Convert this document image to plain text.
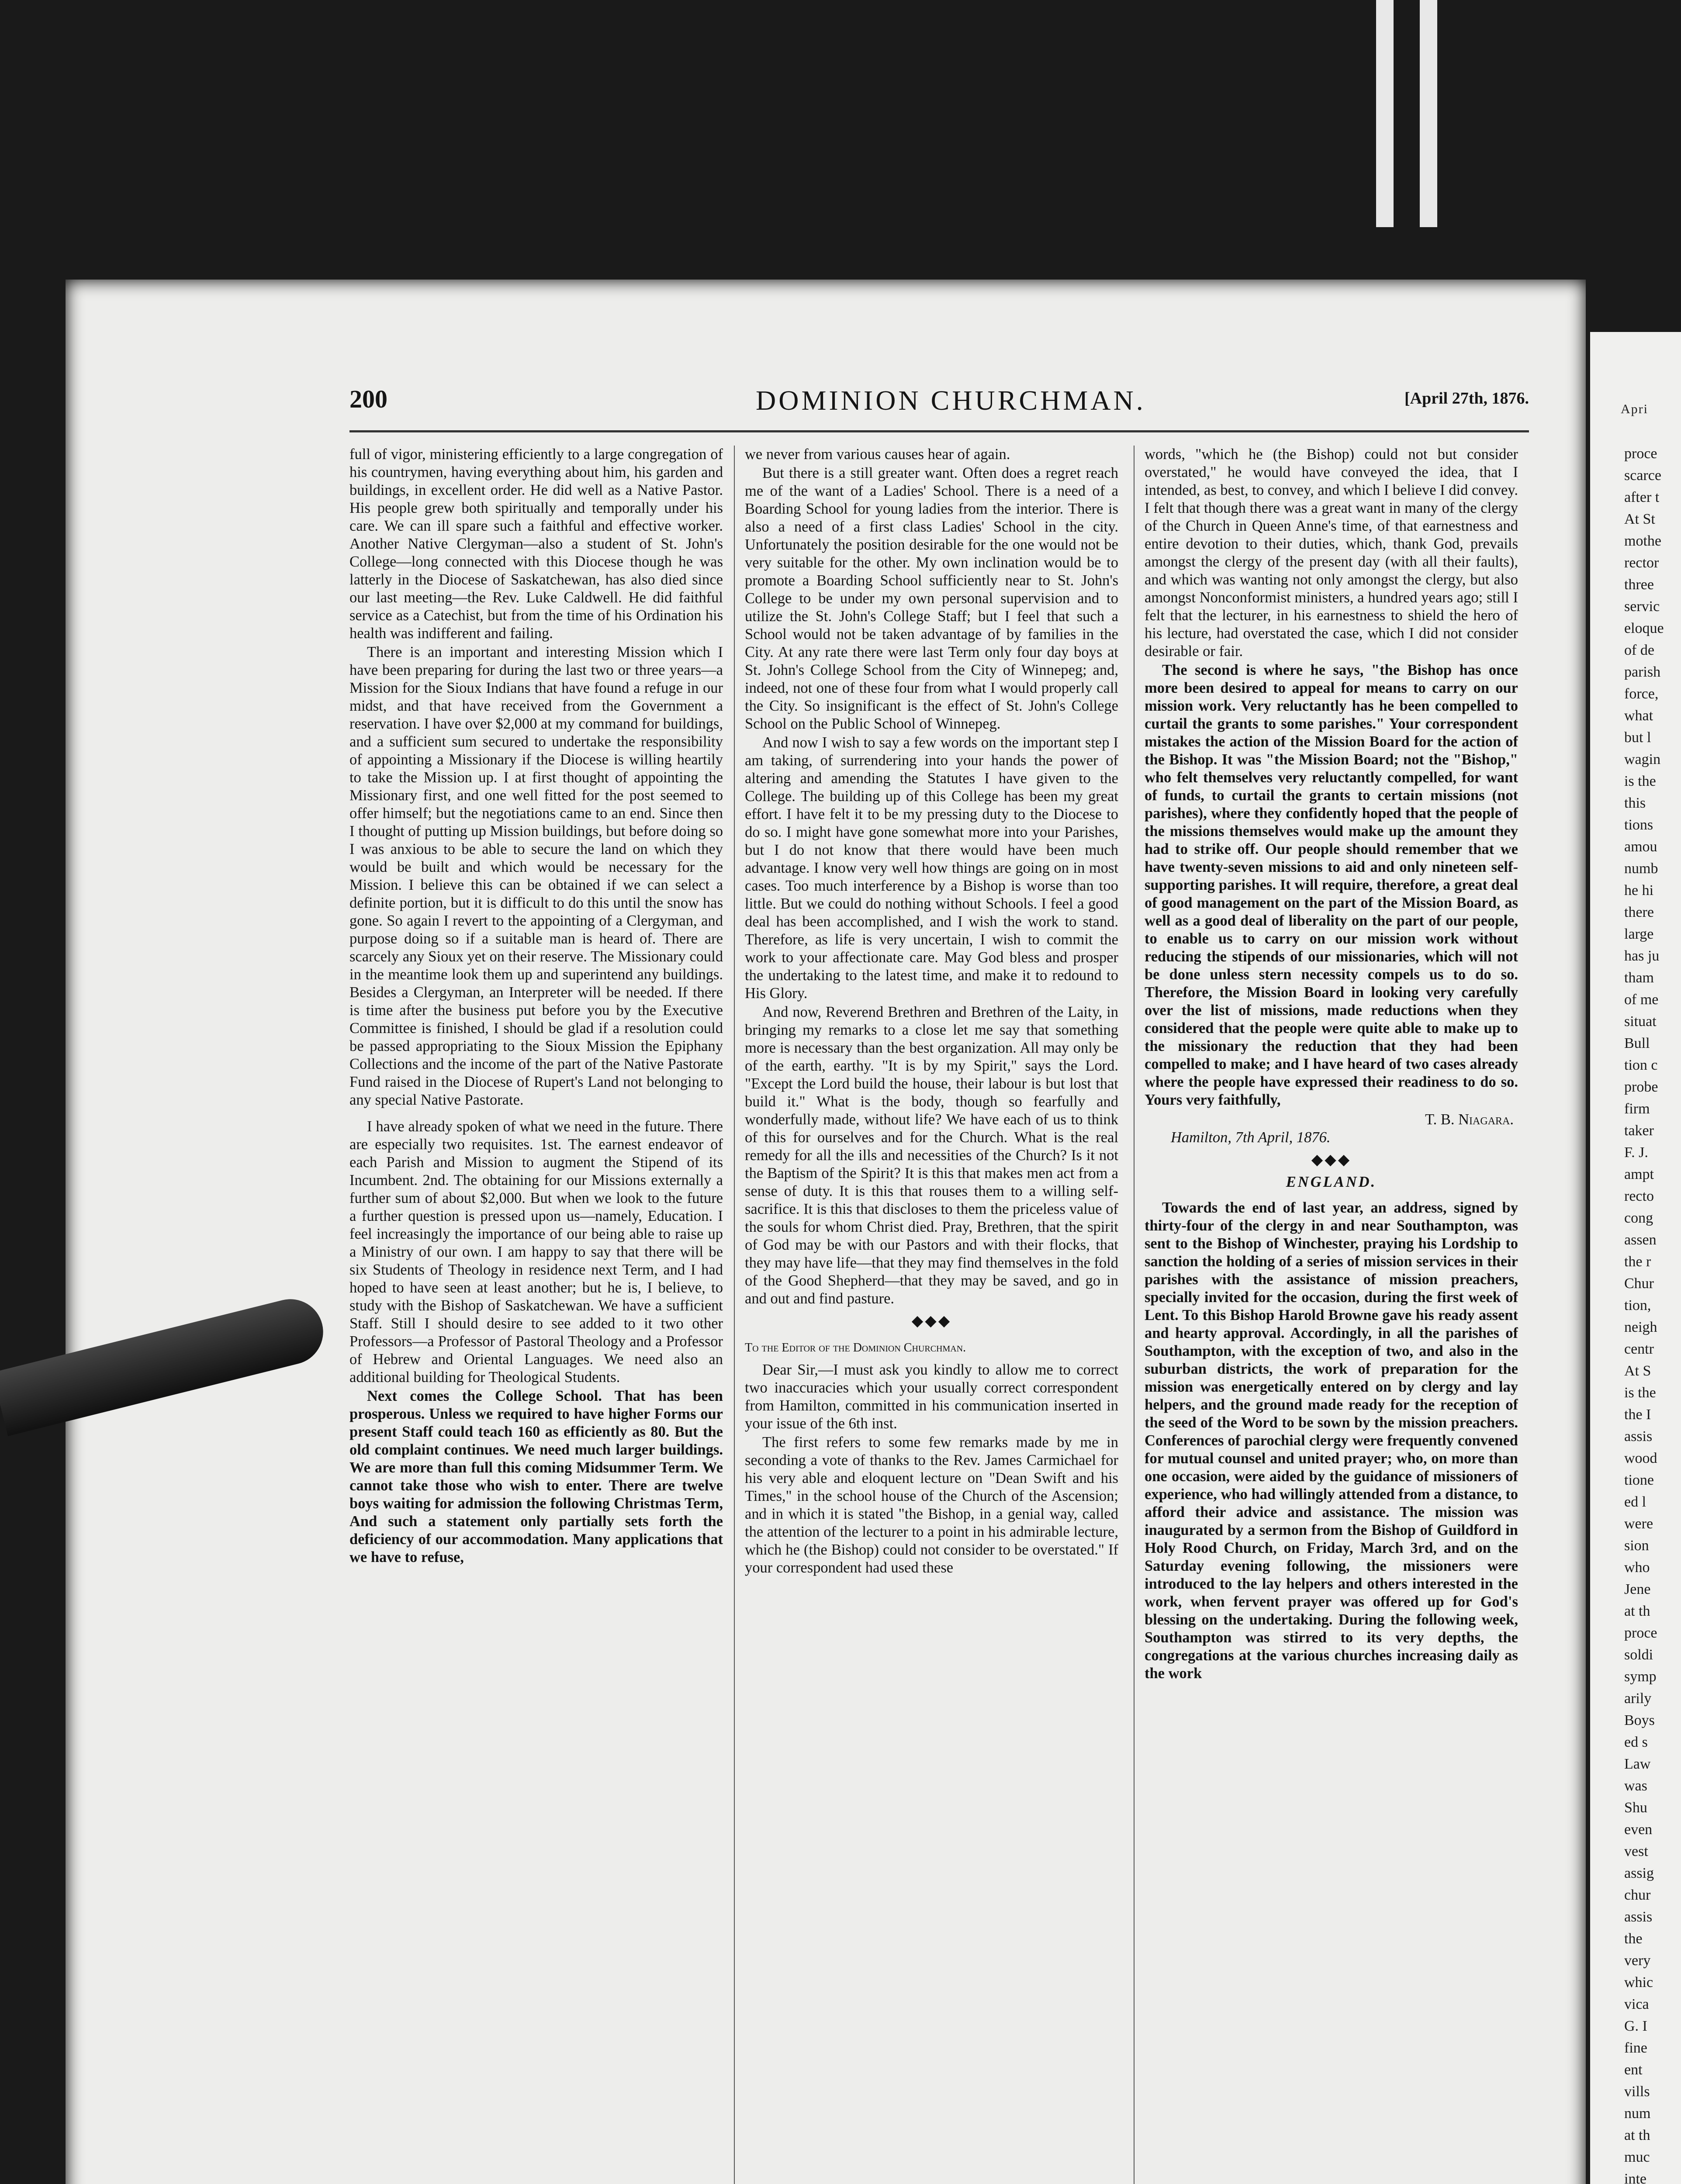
Apri
proce
scarce
after t
At St
mothe
rector
three
servic
eloque
of de
parish
force,
what
but l
wagin
is the
this
tions
amou
numb
he hi
there
large
has ju
tham
of me
situat
Bull
tion c
probe
firm
taker
F. J.
ampt
recto
cong
assen
the r
Chur
tion,
neigh
centr
At S
is the
the I
assis
wood
tione
ed l
were
sion
who
Jene
at th
proce
soldi
symp
arily
Boys
ed s
Law
was
Shu
even
vest
assig
chur
assis
the
very
whic
vica
G. I
fine
ent
vills
num
at th
muc
inte
200	DOMINION CHURCHMAN.	[April 27th, 1876.

full of vigor, ministering efficiently to a large congregation of his countrymen, having everything about him, his garden and buildings, in excellent order. He did well as a Native Pastor. His people grew both spiritually and temporally under his care. We can ill spare such a faithful and effective worker. Another Native Clergyman—also a student of St. John's College—long connected with this Diocese though he was latterly in the Diocese of Saskatchewan, has also died since our last meeting—the Rev. Luke Caldwell. He did faithful service as a Catechist, but from the time of his Ordination his health was indifferent and failing.

There is an important and interesting Mission which I have been preparing for during the last two or three years—a Mission for the Sioux Indians that have found a refuge in our midst, and that have received from the Government a reservation. I have over $2,000 at my command for buildings, and a sufficient sum secured to undertake the responsibility of appointing a Missionary if the Diocese is willing heartily to take the Mission up. I at first thought of appointing the Missionary first, and one well fitted for the post seemed to offer himself; but the negotiations came to an end. Since then I thought of putting up Mission buildings, but before doing so I was anxious to be able to secure the land on which they would be built and which would be necessary for the Mission. I believe this can be obtained if we can select a definite portion, but it is difficult to do this until the snow has gone. So again I revert to the appointing of a Clergyman, and purpose doing so if a suitable man is heard of. There are scarcely any Sioux yet on their reserve. The Missionary could in the meantime look them up and superintend any buildings. Besides a Clergyman, an Interpreter will be needed. If there is time after the business put before you by the Executive Committee is finished, I should be glad if a resolution could be passed appropriating to the Sioux Mission the Epiphany Collections and the income of the part of the Native Pastorate Fund raised in the Diocese of Rupert's Land not belonging to any special Native Pastorate.

I have already spoken of what we need in the future. There are especially two requisites. 1st. The earnest endeavor of each Parish and Mission to augment the Stipend of its Incumbent. 2nd. The obtaining for our Missions externally a further sum of about $2,000. But when we look to the future a further question is pressed upon us—namely, Education. I feel increasingly the importance of our being able to raise up a Ministry of our own. I am happy to say that there will be six Students of Theology in residence next Term, and I had hoped to have seen at least another; but he is, I believe, to study with the Bishop of Saskatchewan. We have a sufficient Staff. Still I should desire to see added to it two other Professors—a Professor of Pastoral Theology and a Professor of Hebrew and Oriental Languages. We need also an additional building for Theological Students.

Next comes the College School. That has been prosperous. Unless we required to have higher Forms our present Staff could teach 160 as efficiently as 80. But the old complaint continues. We need much larger buildings. We are more than full this coming Midsummer Term. We cannot take those who wish to enter. There are twelve boys waiting for admission the following Christmas Term, And such a statement only partially sets forth the deficiency of our accommodation. Many applications that we have to refuse,

we never from various causes hear of again.

But there is a still greater want. Often does a regret reach me of the want of a Ladies' School. There is a need of a Boarding School for young ladies from the interior. There is also a need of a first class Ladies' School in the city. Unfortunately the position desirable for the one would not be very suitable for the other. My own inclination would be to promote a Boarding School sufficiently near to St. John's College to be under my own personal supervision and to utilize the St. John's College Staff; but I feel that such a School would not be taken advantage of by families in the City. At any rate there were last Term only four day boys at St. John's College School from the City of Winnepeg; and, indeed, not one of these four from what I would properly call the City. So insignificant is the effect of St. John's College School on the Public School of Winnepeg.

And now I wish to say a few words on the important step I am taking, of surrendering into your hands the power of altering and amending the Statutes I have given to the College. The building up of this College has been my great effort. I have felt it to be my pressing duty to the Diocese to do so. I might have gone somewhat more into your Parishes, but I do not know that there would have been much advantage. I know very well how things are going on in most cases. Too much interference by a Bishop is worse than too little. But we could do nothing without Schools. I feel a good deal has been accomplished, and I wish the work to stand. Therefore, as life is very uncertain, I wish to commit the work to your affectionate care. May God bless and prosper the undertaking to the latest time, and make it to redound to His Glory.

And now, Reverend Brethren and Brethren of the Laity, in bringing my remarks to a close let me say that something more is necessary than the best organization. All may only be of the earth, earthy. "It is by my Spirit," says the Lord. "Except the Lord build the house, their labour is but lost that build it." What is the body, though so fearfully and wonderfully made, without life? We have each of us to think of this for ourselves and for the Church. What is the real remedy for all the ills and necessities of the Church? Is it not the Baptism of the Spirit? It is this that makes men act from a sense of duty. It is this that rouses them to a willing self-sacrifice. It is this that discloses to them the priceless value of the souls for whom Christ died. Pray, Brethren, that the spirit of God may be with our Pastors and with their flocks, that they may have life—that they may find themselves in the fold of the Good Shepherd—that they may be saved, and go in and out and find pasture.

◆◆◆

To the Editor of the Dominion Churchman.

Dear Sir,—I must ask you kindly to allow me to correct two inaccuracies which your usually correct correspondent from Hamilton, committed in his communication inserted in your issue of the 6th inst.

The first refers to some few remarks made by me in seconding a vote of thanks to the Rev. James Carmichael for his very able and eloquent lecture on "Dean Swift and his Times," in the school house of the Church of the Ascension; and in which it is stated "the Bishop, in a genial way, called the attention of the lecturer to a point in his admirable lecture, which he (the Bishop) could not consider to be overstated." If your correspondent had used these

words, "which he (the Bishop) could not but consider overstated," he would have conveyed the idea, that I intended, as best, to convey, and which I believe I did convey. I felt that though there was a great want in many of the clergy of the Church in Queen Anne's time, of that earnestness and entire devotion to their duties, which, thank God, prevails amongst the clergy of the present day (with all their faults), and which was wanting not only amongst the clergy, but also amongst Nonconformist ministers, a hundred years ago; still I felt that the lecturer, in his earnestness to shield the hero of his lecture, had overstated the case, which I did not consider desirable or fair.

The second is where he says, "the Bishop has once more been desired to appeal for means to carry on our mission work. Very reluctantly has he been compelled to curtail the grants to some parishes." Your correspondent mistakes the action of the Mission Board for the action of the Bishop. It was "the Mission Board; not the "Bishop," who felt themselves very reluctantly compelled, for want of funds, to curtail the grants to certain missions (not parishes), where they confidently hoped that the people of the missions themselves would make up the amount they had to strike off. Our people should remember that we have twenty-seven missions to aid and only nineteen self-supporting parishes. It will require, therefore, a great deal of good management on the part of the Mission Board, as well as a good deal of liberality on the part of our people, to enable us to carry on our mission work without reducing the stipends of our missionaries, which will not be done unless stern necessity compels us to do so. Therefore, the Mission Board in looking very carefully over the list of missions, made reductions when they considered that the people were quite able to make up to the missionary the reduction that they had been compelled to make; and I have heard of two cases already where the people have expressed their readiness to do so. Yours very faithfully,

T. B. Niagara.
Hamilton, 7th April, 1876.
◆◆◆
ENGLAND.

Towards the end of last year, an address, signed by thirty-four of the clergy in and near Southampton, was sent to the Bishop of Winchester, praying his Lordship to sanction the holding of a series of mission services in their parishes with the assistance of mission preachers, specially invited for the occasion, during the first week of Lent. To this Bishop Harold Browne gave his ready assent and hearty approval. Accordingly, in all the parishes of Southampton, with the exception of two, and also in the suburban districts, the work of preparation for the mission was energetically entered on by clergy and lay helpers, and the ground made ready for the reception of the seed of the Word to be sown by the mission preachers. Conferences of parochial clergy were frequently convened for mutual counsel and united prayer; who, on more than one occasion, were aided by the guidance of missioners of experience, who had willingly attended from a distance, to afford their advice and assistance. The mission was inaugurated by a sermon from the Bishop of Guildford in Holy Rood Church, on Friday, March 3rd, and on the Saturday evening following, the missioners were introduced to the lay helpers and others interested in the work, when fervent prayer was offered up for God's blessing on the undertaking. During the following week, Southampton was stirred to its very depths, the congregations at the various churches increasing daily as the work
